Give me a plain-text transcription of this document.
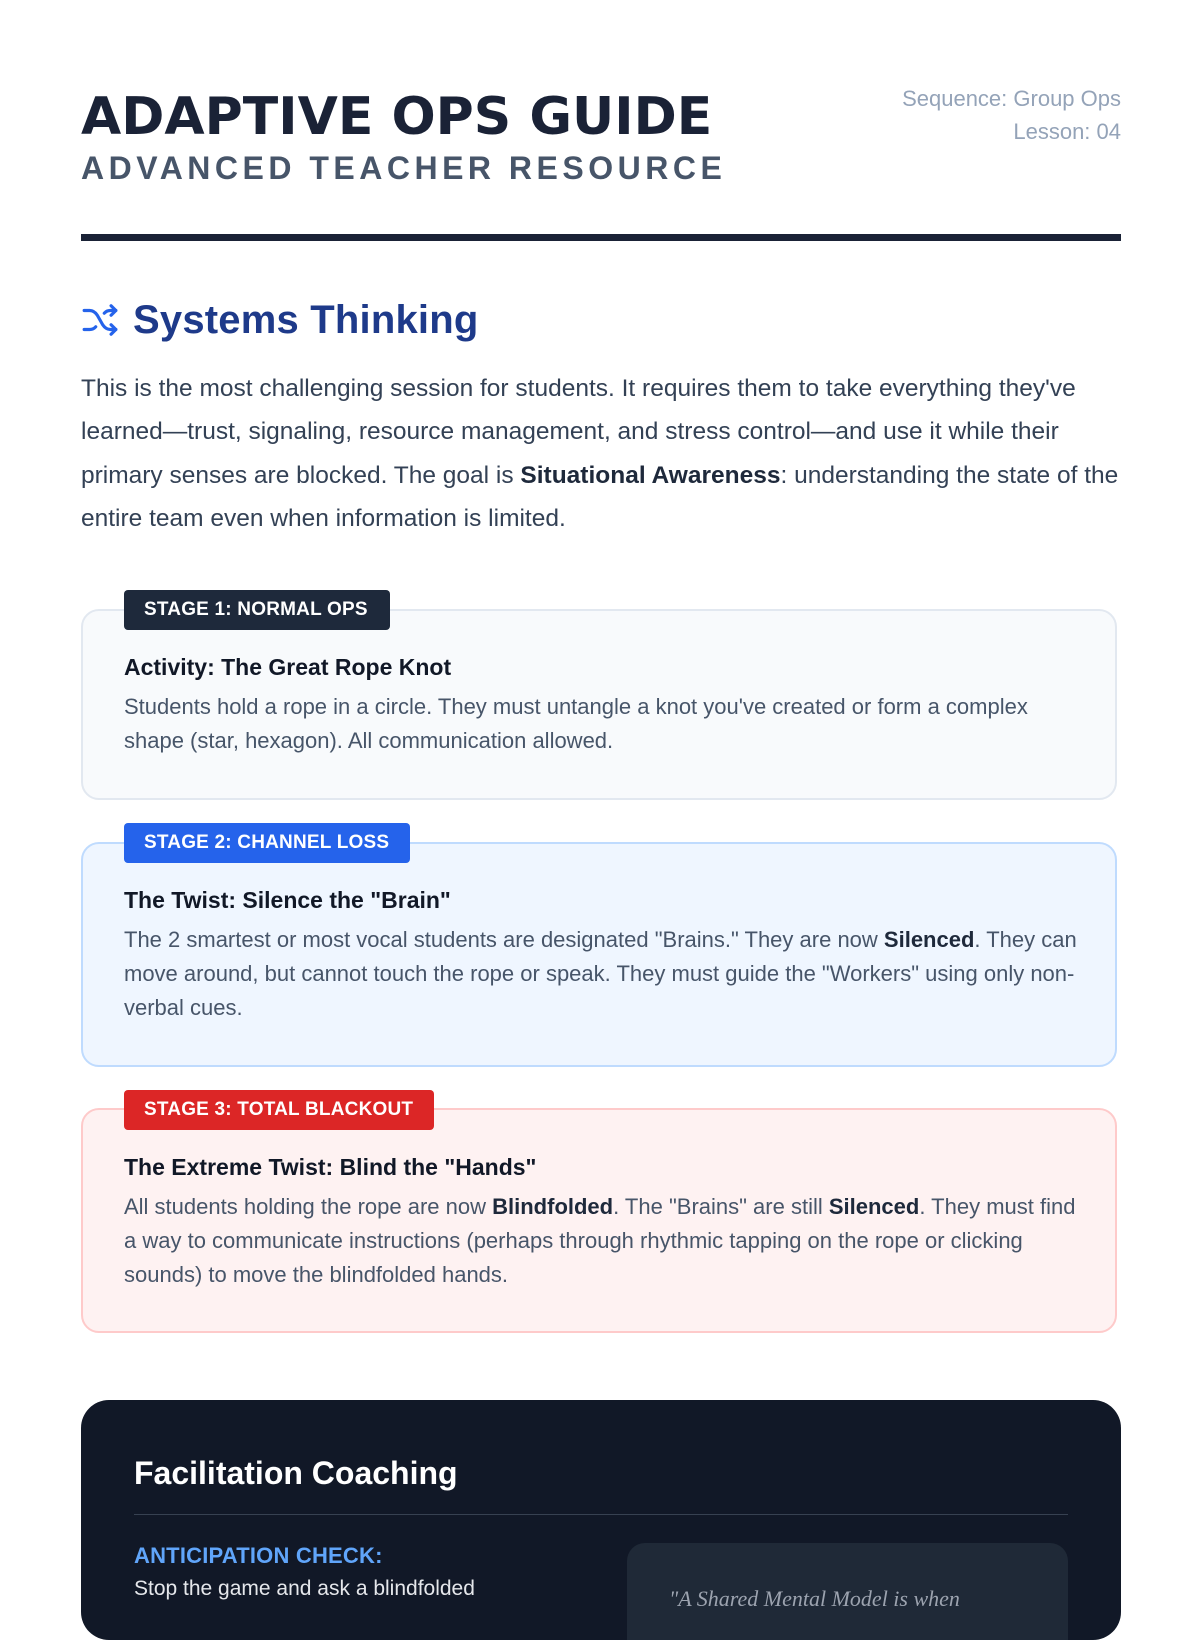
ADAPTIVE OPS GUIDE
ADVANCED TEACHER RESOURCE
Sequence: Group Ops
Lesson: 04
Systems Thinking

This is the most challenging session for students. It requires them to take everything they've learned—trust, signaling, resource management, and stress control—and use it while their primary senses are blocked. The goal is Situational Awareness: understanding the state of the entire team even when information is limited.

STAGE 1: NORMAL OPS
Activity: The Great Rope Knot
Students hold a rope in a circle. They must untangle a knot you've created or form a complex shape (star, hexagon). All communication allowed.
STAGE 2: CHANNEL LOSS
The Twist: Silence the "Brain"
The 2 smartest or most vocal students are designated "Brains." They are now Silenced. They can move around, but cannot touch the rope or speak. They must guide the "Workers" using only non-verbal cues.
STAGE 3: TOTAL BLACKOUT
The Extreme Twist: Blind the "Hands"
All students holding the rope are now Blindfolded. The "Brains" are still Silenced. They must find a way to communicate instructions (perhaps through rhythmic tapping on the rope or clicking sounds) to move the blindfolded hands.
Facilitation Coaching
ANTICIPATION CHECK:
Stop the game and ask a blindfolded	"A Shared Mental Model is when
